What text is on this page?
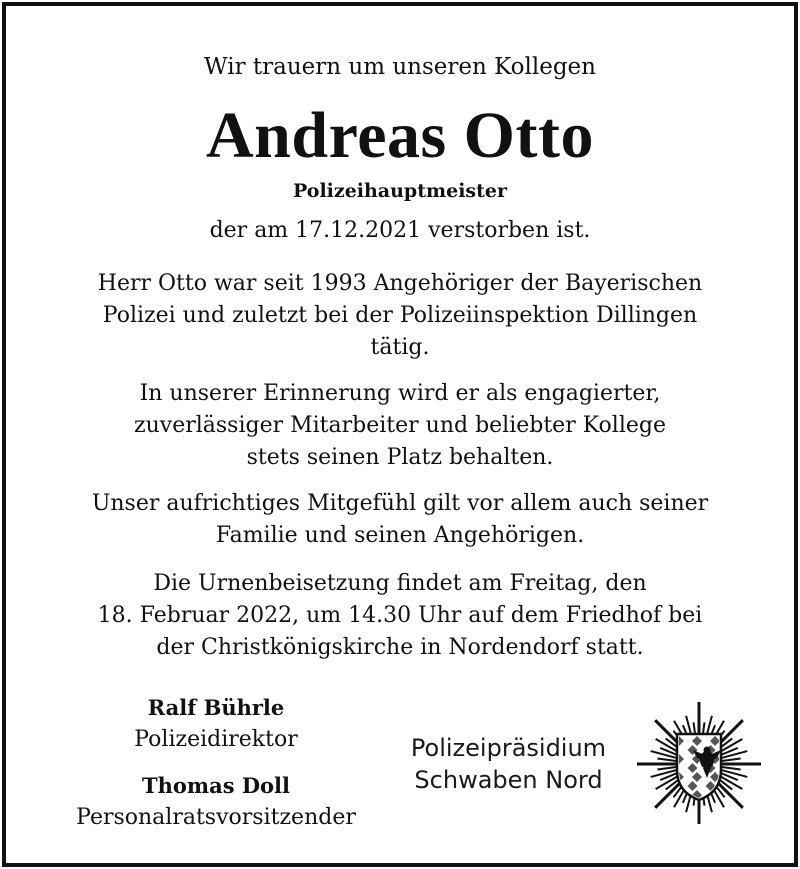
Wir trauern um unseren Kollegen
Andreas Otto
Polizeihauptmeister
der am 17.12.2021 verstorben ist.
Herr Otto war seit 1993 Angehöriger der Bayerischen
Polizei und zuletzt bei der Polizeiinspektion Dillingen
tätig.
In unserer Erinnerung wird er als engagierter,
zuverlässiger Mitarbeiter und beliebter Kollege
stets seinen Platz behalten.
Unser aufrichtiges Mitgefühl gilt vor allem auch seiner
Familie und seinen Angehörigen.
Die Urnenbeisetzung findet am Freitag, den
18. Februar 2022, um 14.30 Uhr auf dem Friedhof bei
der Christkönigskirche in Nordendorf statt.
Ralf Bührle
Polizeidirektor
Thomas Doll
Personalratsvorsitzender
Polizeipräsidium
Schwaben Nord
